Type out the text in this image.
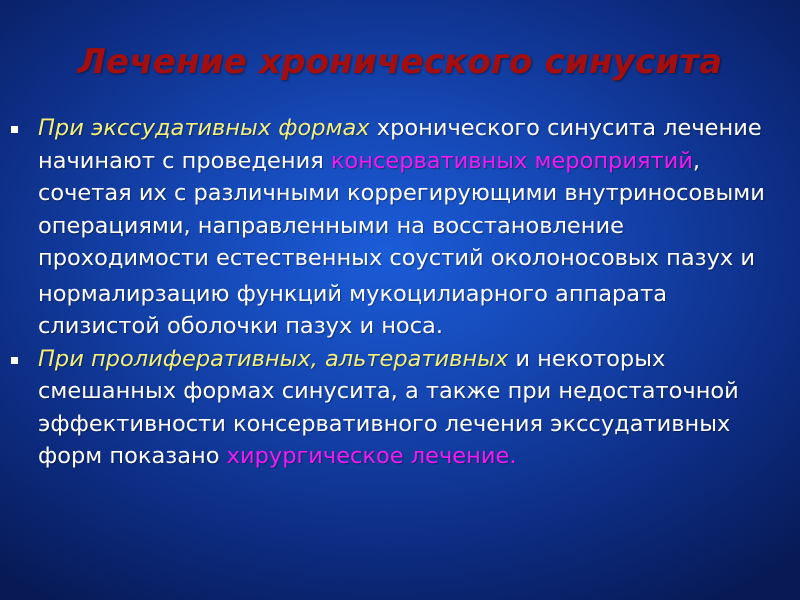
Лечение хронического синусита

При экссудативных формах хронического синусита лечение начинают с проведения консервативных мероприятий, сочетая их с различными коррегирующими внутриносовыми операциями, направленными на восстановление проходимости естественных соустий околоносовых пазух и

нормалирзацию функций мукоцилиарного аппарата слизистой оболочки пазух и носа.

При пролиферативных, альтеративных и некоторых смешанных формах синусита, а также при недостаточной эффективности консервативного лечения экссудативных форм показано хирургическое лечение.
